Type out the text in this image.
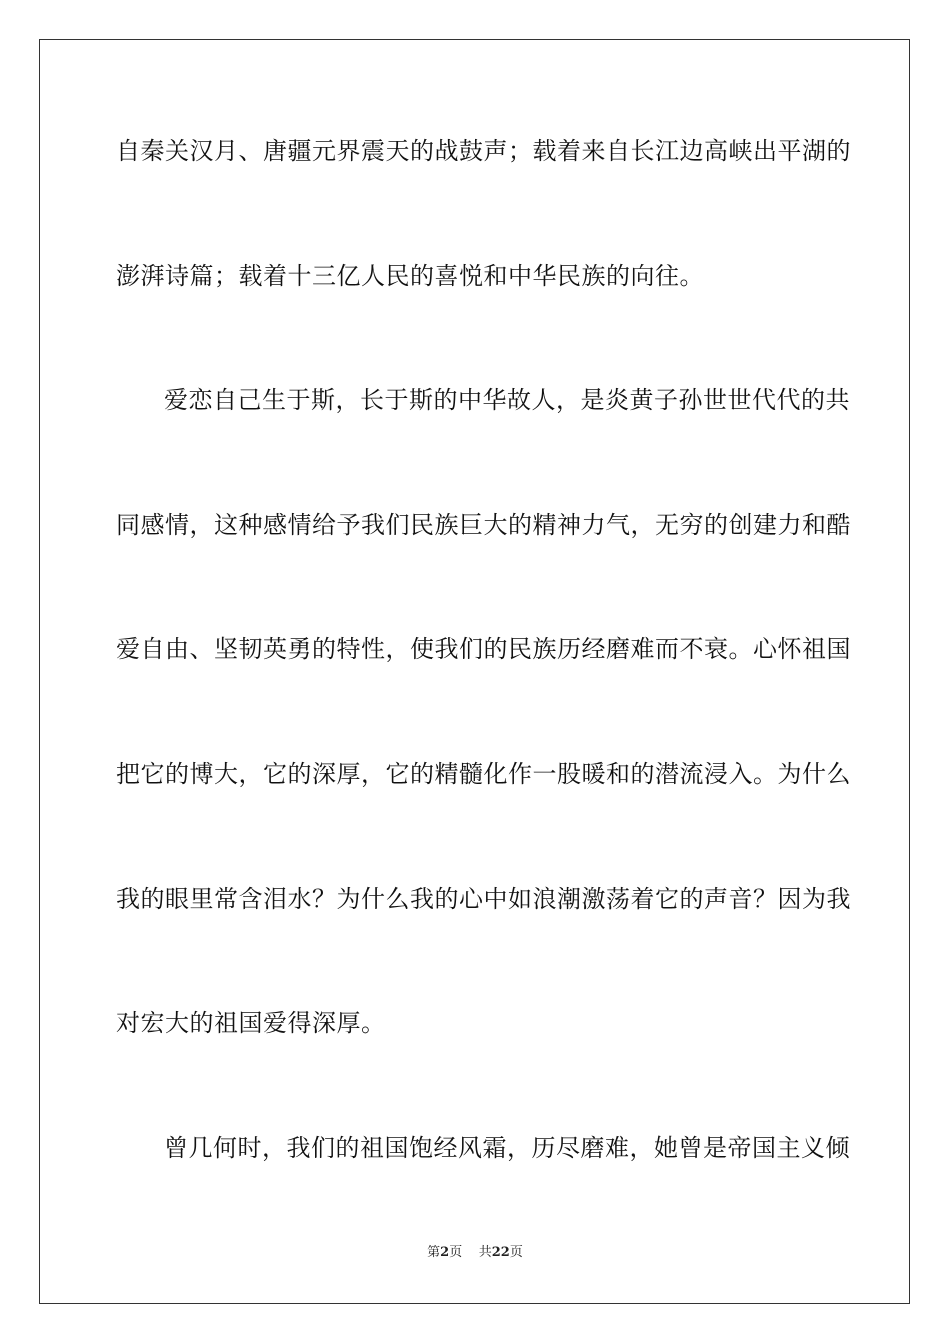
自秦关汉月、唐疆元界震天的战鼓声；载着来自长江边高峡出平湖的
澎湃诗篇；载着十三亿人民的喜悦和中华民族的向往。
爱恋自己生于斯，长于斯的中华故人，是炎黄子孙世世代代的共
同感情，这种感情给予我们民族巨大的精神力气，无穷的创建力和酷
爱自由、坚韧英勇的特性，使我们的民族历经磨难而不衰。心怀祖国
把它的博大，它的深厚，它的精髓化作一股暖和的潜流浸入。为什么
我的眼里常含泪水？为什么我的心中如浪潮激荡着它的声音？因为我
对宏大的祖国爱得深厚。
曾几何时，我们的祖国饱经风霜，历尽磨难，她曾是帝国主义倾
第2页 共22页
